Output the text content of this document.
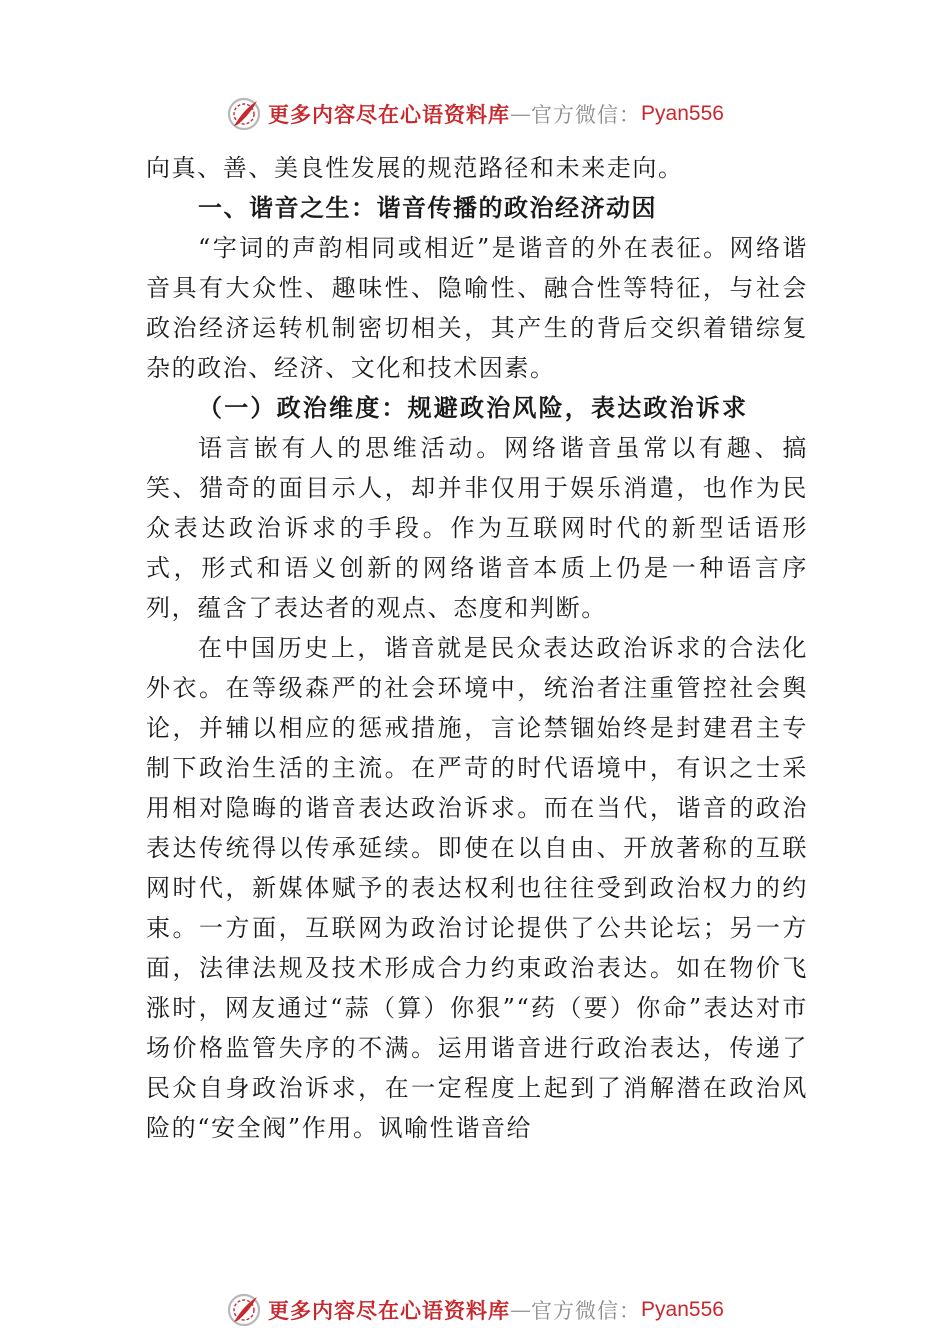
更多内容尽在心语资料库 — 官方微信： Pyan556

向真、善、美良性发展的规范路径和未来走向。

一、谐音之生：谐音传播的政治经济动因

“字词的声韵相同或相近”是谐音的外在表征。网络谐音具有大众性、趣味性、隐喻性、融合性等特征，与社会政治经济运转机制密切相关，其产生的背后交织着错综复杂的政治、经济、文化和技术因素。

（一）政治维度：规避政治风险，表达政治诉求

语言嵌有人的思维活动。网络谐音虽常以有趣、搞笑、猎奇的面目示人，却并非仅用于娱乐消遣，也作为民众表达政治诉求的手段。作为互联网时代的新型话语形式，形式和语义创新的网络谐音本质上仍是一种语言序列，蕴含了表达者的观点、态度和判断。

在中国历史上，谐音就是民众表达政治诉求的合法化外衣。在等级森严的社会环境中，统治者注重管控社会舆论，并辅以相应的惩戒措施，言论禁锢始终是封建君主专制下政治生活的主流。在严苛的时代语境中，有识之士采用相对隐晦的谐音表达政治诉求。而在当代，谐音的政治表达传统得以传承延续。即使在以自由、开放著称的互联网时代，新媒体赋予的表达权利也往往受到政治权力的约束。一方面，互联网为政治讨论提供了公共论坛；另一方面，法律法规及技术形成合力约束政治表达。如在物价飞涨时，网友通过“蒜（算）你狠”“药（要）你命”表达对市场价格监管失序的不满。运用谐音进行政治表达，传递了民众自身政治诉求，在一定程度上起到了消解潜在政治风险的“安全阀”作用。讽喻性谐音给

更多内容尽在心语资料库 — 官方微信： Pyan556
